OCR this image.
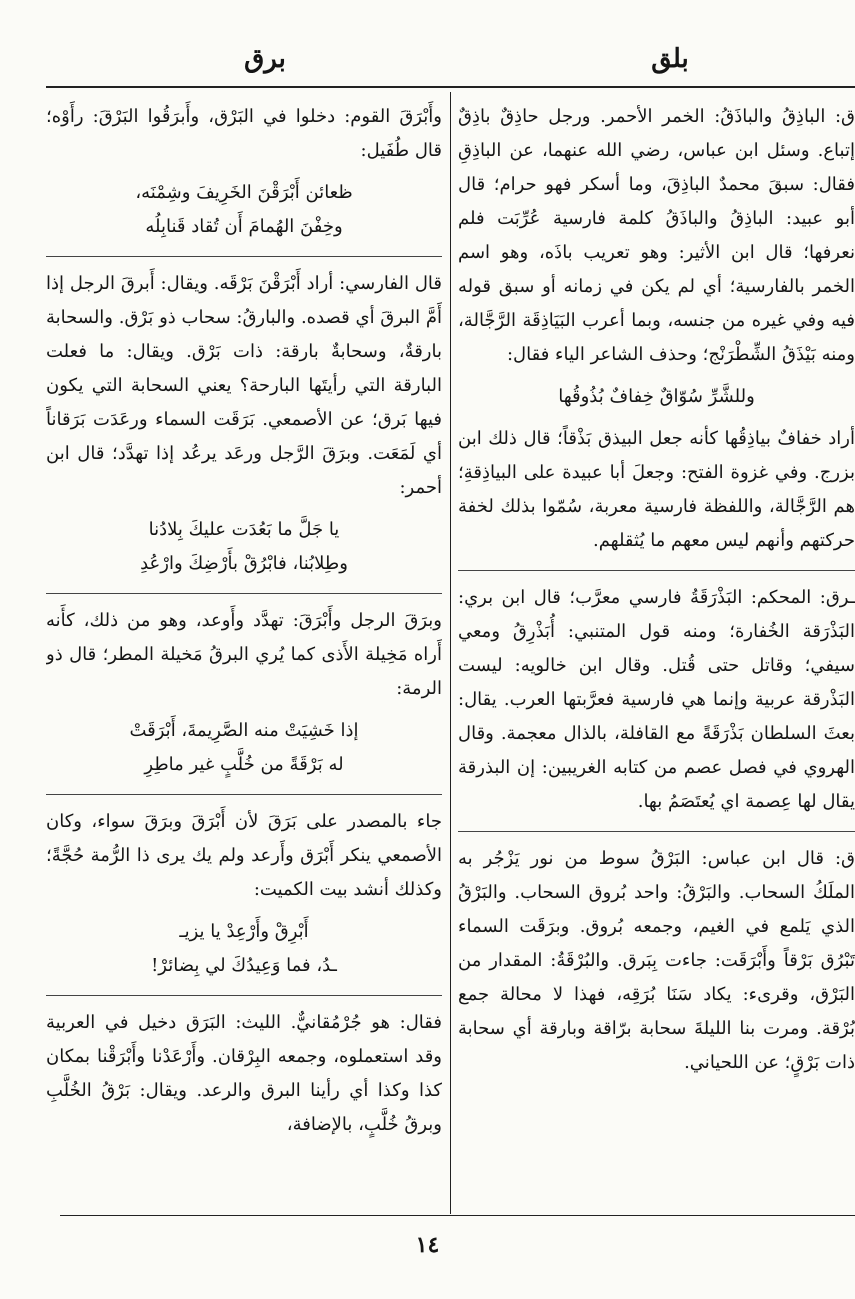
بلق
برق

ق: الباذِقُ والباذَقُ: الخمر الأحمر. ورجل حاذِقٌ باذِقٌ إتباع. وسئل ابن عباس، رضي الله عنهما، عن الباذِقِ فقال: سبقَ محمدٌ الباذِقَ، وما أسكر فهو حرام؛ قال أبو عبيد: الباذِقُ والباذَقُ كلمة فارسية عُرِّبَت فلم نعرفها؛ قال ابن الأثير: وهو تعريب باذَه، وهو اسم الخمر بالفارسية؛ أي لم يكن في زمانه أو سبق قوله فيه وفي غيره من جنسه، وبما أعرب البَيَاذِقَة الرَّجَّالة، ومنه بَيْذَقُ الشِّطْرَنْج؛ وحذف الشاعر الياء فقال:

وللشَّرِّ سُوّاقٌ خِفافٌ بُذُوقُها

أراد خفافٌ بياذِقُها كأنه جعل البيذق بَذْقاً؛ قال ذلك ابن بزرج. وفي غزوة الفتح: وجعلَ أبا عبيدة على البياذِقةِ؛ هم الرَّجَّالة، واللفظة فارسية معربة، سُمّوا بذلك لخفة حركتهم وأنهم ليس معهم ما يُثقلهم.

ـرق: المحكم: البَذْرَقَةُ فارسي معرَّب؛ قال ابن بري: البَذْرَقة الخُفارة؛ ومنه قول المتنبي: أُبَذْرِقُ ومعي سيفي؛ وقاتل حتى قُتل. وقال ابن خالويه: ليست البَذْرقة عربية وإنما هي فارسية فعرَّبتها العرب. يقال: بعثَ السلطان بَذْرَقَةً مع القافلة، بالذال معجمة. وقال الهروي في فصل عصم من كتابه الغريبين: إن البذرقة يقال لها عِصمة اي يُعتَصَمُ بها.

ق: قال ابن عباس: البَرْقُ سوط من نور يَزْجُر به الملَكُ السحاب. والبَرْقُ: واحد بُروق السحاب. والبَرْقُ الذي يَلمع في الغيم، وجمعه بُروق. وبرَقَت السماء تَبْرُق بَرْقاً وأَبْرَقَت: جاءت بِبَرق. والبُرْقَةُ: المقدار من البَرْق، وقرىء: يكاد سَنَا بُرَقِه، فهذا لا محالة جمع بُرْقة. ومرت بنا الليلةَ سحابة برّاقة وبارقة أي سحابة ذات بَرْقٍ؛ عن اللحياني.

وأَبْرَقَ القوم: دخلوا في البَرْق، وأَبرَقُوا البَرْقَ: رأَوْه؛ قال طُفَيل:

ظعائن أَبْرَقْنَ الخَرِيفَ وشِمْنَه،
وخِفْنَ الهُمامَ أَن تُقاد قَنابِلُه

قال الفارسي: أراد أَبْرَقْنَ بَرْقَه. ويقال: أَبرقَ الرجل إذا أَمَّ البرقَ أي قصده. والبارقُ: سحاب ذو بَرْق. والسحابة بارقةٌ، وسحابةٌ بارقة: ذات بَرْق. ويقال: ما فعلت البارقة التي رأيتَها البارحة؟ يعني السحابة التي يكون فيها بَرق؛ عن الأصمعي. بَرَقَت السماء ورعَدَت بَرَقاناً أي لَمَعَت. وبرَقَ الرَّجل ورعَد يرعُد إذا تهدَّد؛ قال ابن أحمر:

يا جَلَّ ما بَعُدَت عليكَ بِلادُنا
وطِلابُنا، فابْرُقْ بأَرْضِكَ وارْعُدِ

وبرَقَ الرجل وأَبْرَقَ: تهدَّد وأَوعد، وهو من ذلك، كأَنه أَراه مَخِيلة الأَذى كما يُري البرقُ مَخيلة المطر؛ قال ذو الرمة:

إذا خَشِيَتْ منه الصَّرِيمةَ، أَبْرَقَتْ
له بَرْقَةً من خُلَّبٍ غير ماطِرِ

جاء بالمصدر على بَرَقَ لأن أَبْرَقَ وبرَقَ سواء، وكان الأصمعي ينكر أَبْرَق وأَرعد ولم يك يرى ذا الرُّمة حُجَّةً؛ وكذلك أنشد بيت الكميت:

أَبْرِقْ وأَرْعِدْ يا يزيـ
ـدُ، فما وَعِيدُكَ لي بِضائرْ!

فقال: هو جُرْمُقانيٌّ. الليث: البَرَق دخيل في العربية وقد استعملوه، وجمعه البِرْقان. وأَرْعَدْنا وأَبْرَقْنا بمكان كذا وكذا أي رأينا البرق والرعد. ويقال: بَرْقُ الخُلَّبِ وبرقُ خُلَّبٍ، بالإضافة،

١٤
